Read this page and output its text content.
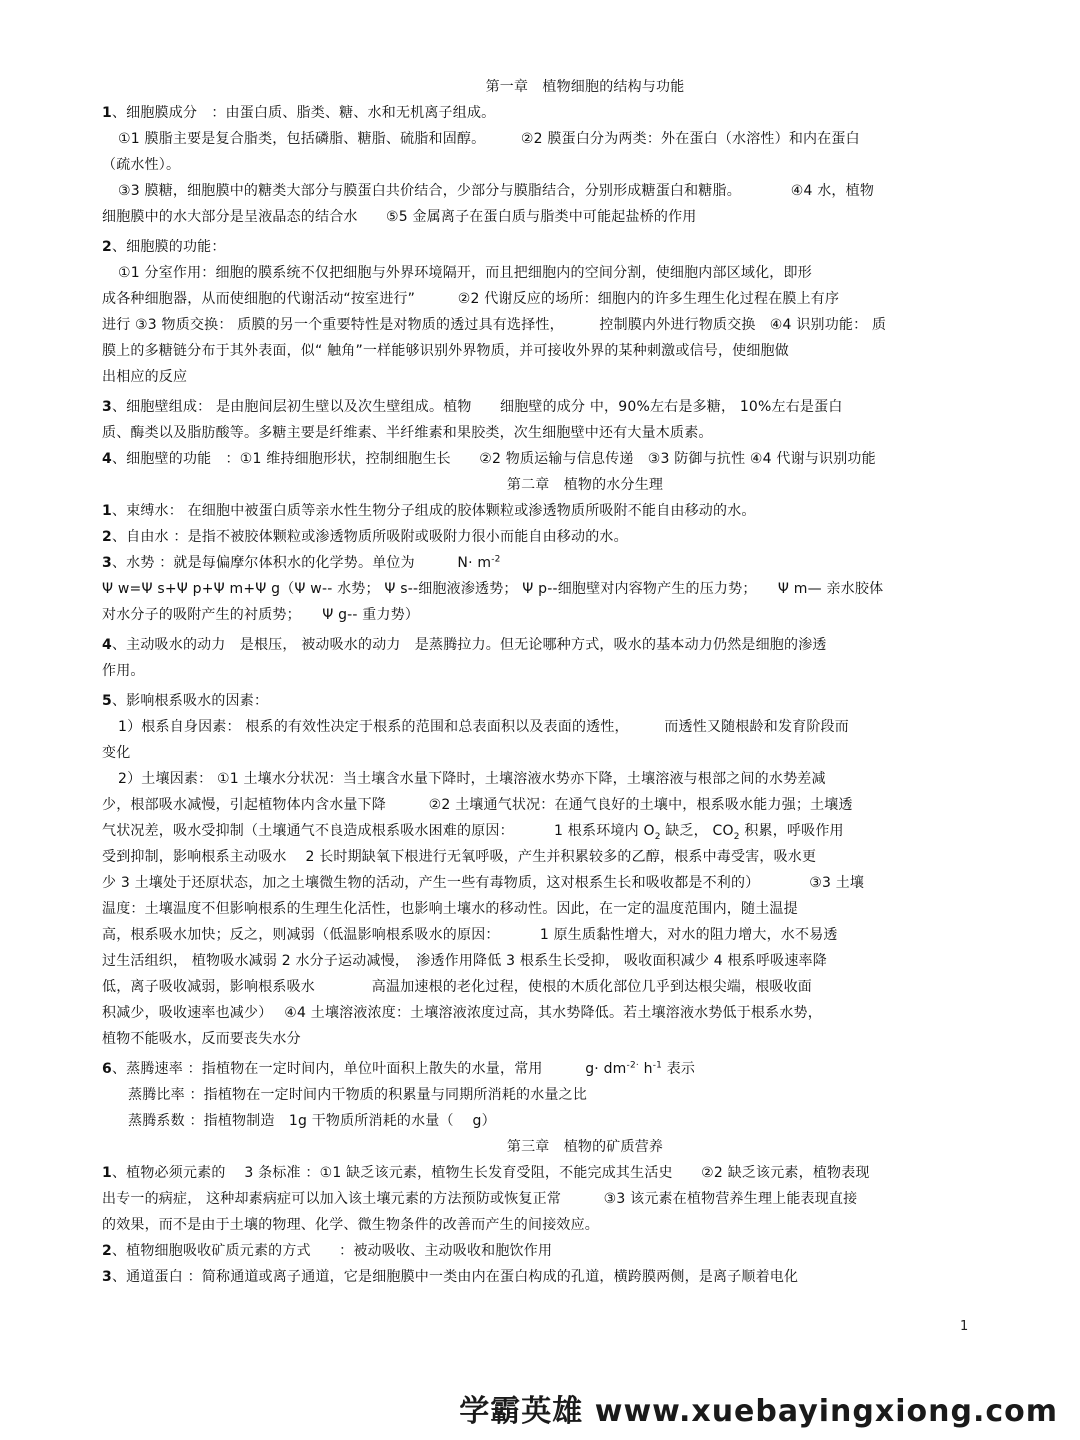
第一章　植物细胞的结构与功能
1、细胞膜成分　：由蛋白质、脂类、糖、水和无机离子组成。
①1 膜脂主要是复合脂类，包括磷脂、糖脂、硫脂和固醇。　　　②2 膜蛋白分为两类：外在蛋白（水溶性）和内在蛋白
（疏水性）。
③3 膜糖，细胞膜中的糖类大部分与膜蛋白共价结合，少部分与膜脂结合，分别形成糖蛋白和糖脂。　　　　④4 水，植物
细胞膜中的水大部分是呈液晶态的结合水　　⑤5 金属离子在蛋白质与脂类中可能起盐桥的作用
2、细胞膜的功能：
①1 分室作用：细胞的膜系统不仅把细胞与外界环境隔开，而且把细胞内的空间分割，使细胞内部区域化，即形
成各种细胞器，从而使细胞的代谢活动“按室进行”　　　②2 代谢反应的场所：细胞内的许多生理生化过程在膜上有序
进行 ③3 物质交换： 质膜的另一个重要特性是对物质的透过具有选择性，　　　控制膜内外进行物质交换　④4 识别功能： 质
膜上的多糖链分布于其外表面，似“ 触角”一样能够识别外界物质，并可接收外界的某种刺激或信号，使细胞做
出相应的反应
3、细胞壁组成： 是由胞间层初生壁以及次生壁组成。植物　　细胞壁的成分 中，90%左右是多糖， 10%左右是蛋白
质、酶类以及脂肪酸等。多糖主要是纤维素、半纤维素和果胶类，次生细胞壁中还有大量木质素。
4、细胞壁的功能　：①1 维持细胞形状，控制细胞生长　　②2 物质运输与信息传递　③3 防御与抗性 ④4 代谢与识别功能
第二章　植物的水分生理
1、束缚水： 在细胞中被蛋白质等亲水性生物分子组成的胶体颗粒或渗透物质所吸附不能自由移动的水。
2、自由水 ：是指不被胶体颗粒或渗透物质所吸附或吸附力很小而能自由移动的水。
3、水势 ：就是每偏摩尔体积水的化学势。单位为　　　$N\cdot m^{-2}$
Ψ w=Ψ s+Ψ p+Ψ m+Ψ g（Ψ w-- 水势； Ψ s--细胞液渗透势； Ψ p--细胞壁对内容物产生的压力势；　　Ψ m— 亲水胶体
对水分子的吸附产生的衬质势；　　Ψ g-- 重力势）
4、主动吸水的动力　是根压， 被动吸水的动力　是蒸腾拉力。但无论哪种方式，吸水的基本动力仍然是细胞的渗透
作用。
5、影响根系吸水的因素：
1）根系自身因素： 根系的有效性决定于根系的范围和总表面积以及表面的透性，　　　而透性又随根龄和发育阶段而
变化
2）土壤因素： ①1 土壤水分状况：当土壤含水量下降时，土壤溶液水势亦下降，土壤溶液与根部之间的水势差减
少，根部吸水减慢，引起植物体内含水量下降　　　②2 土壤通气状况：在通气良好的土壤中，根系吸水能力强；土壤透
气状况差，吸水受抑制（土壤通气不良造成根系吸水困难的原因：　　　 1 根系环境内 $O_2$ 缺乏， $CO_2$ 积累，呼吸作用
受到抑制，影响根系主动吸水　 2 长时期缺氧下根进行无氧呼吸，产生并积累较多的乙醇，根系中毒受害，吸水更
少 3 土壤处于还原状态，加之土壤微生物的活动，产生一些有毒物质，这对根系生长和吸收都是不利的）　　　　③3 土壤
温度：土壤温度不但影响根系的生理生化活性，也影响土壤水的移动性。因此，在一定的温度范围内，随土温提
高，根系吸水加快；反之，则减弱（低温影响根系吸水的原因：　　　 1 原生质黏性增大，对水的阻力增大，水不易透
过生活组织， 植物吸水减弱 2 水分子运动减慢，　渗透作用降低 3 根系生长受抑， 吸收面积减少 4 根系呼吸速率降
低，离子吸收减弱，影响根系吸水　　　　高温加速根的老化过程，使根的木质化部位几乎到达根尖端，根吸收面
积减少，吸收速率也减少）　 ④4 土壤溶液浓度：土壤溶液浓度过高，其水势降低。若土壤溶液水势低于根系水势，
植物不能吸水，反而要丧失水分
6、蒸腾速率 ：指植物在一定时间内，单位叶面积上散失的水量，常用　　　$g\cdot dm^{-2\cdot}$ $h^{-1}$ 表示
蒸腾比率 ：指植物在一定时间内干物质的积累量与同期所消耗的水量之比
蒸腾系数 ：指植物制造　1g 干物质所消耗的水量（　 g）
第三章　植物的矿质营养
1、植物必须元素的　 3 条标准 ：①1 缺乏该元素，植物生长发育受阻，不能完成其生活史　　②2 缺乏该元素，植物表现
出专一的病症， 这种却素病症可以加入该土壤元素的方法预防或恢复正常　　　③3 该元素在植物营养生理上能表现直接
的效果，而不是由于土壤的物理、化学、微生物条件的改善而产生的间接效应。
2、植物细胞吸收矿质元素的方式　　：被动吸收、主动吸收和胞饮作用
3、通道蛋白 ：简称通道或离子通道，它是细胞膜中一类由内在蛋白构成的孔道，横跨膜两侧，是离子顺着电化
1
学霸英雄 www.xuebayingxiong.com
